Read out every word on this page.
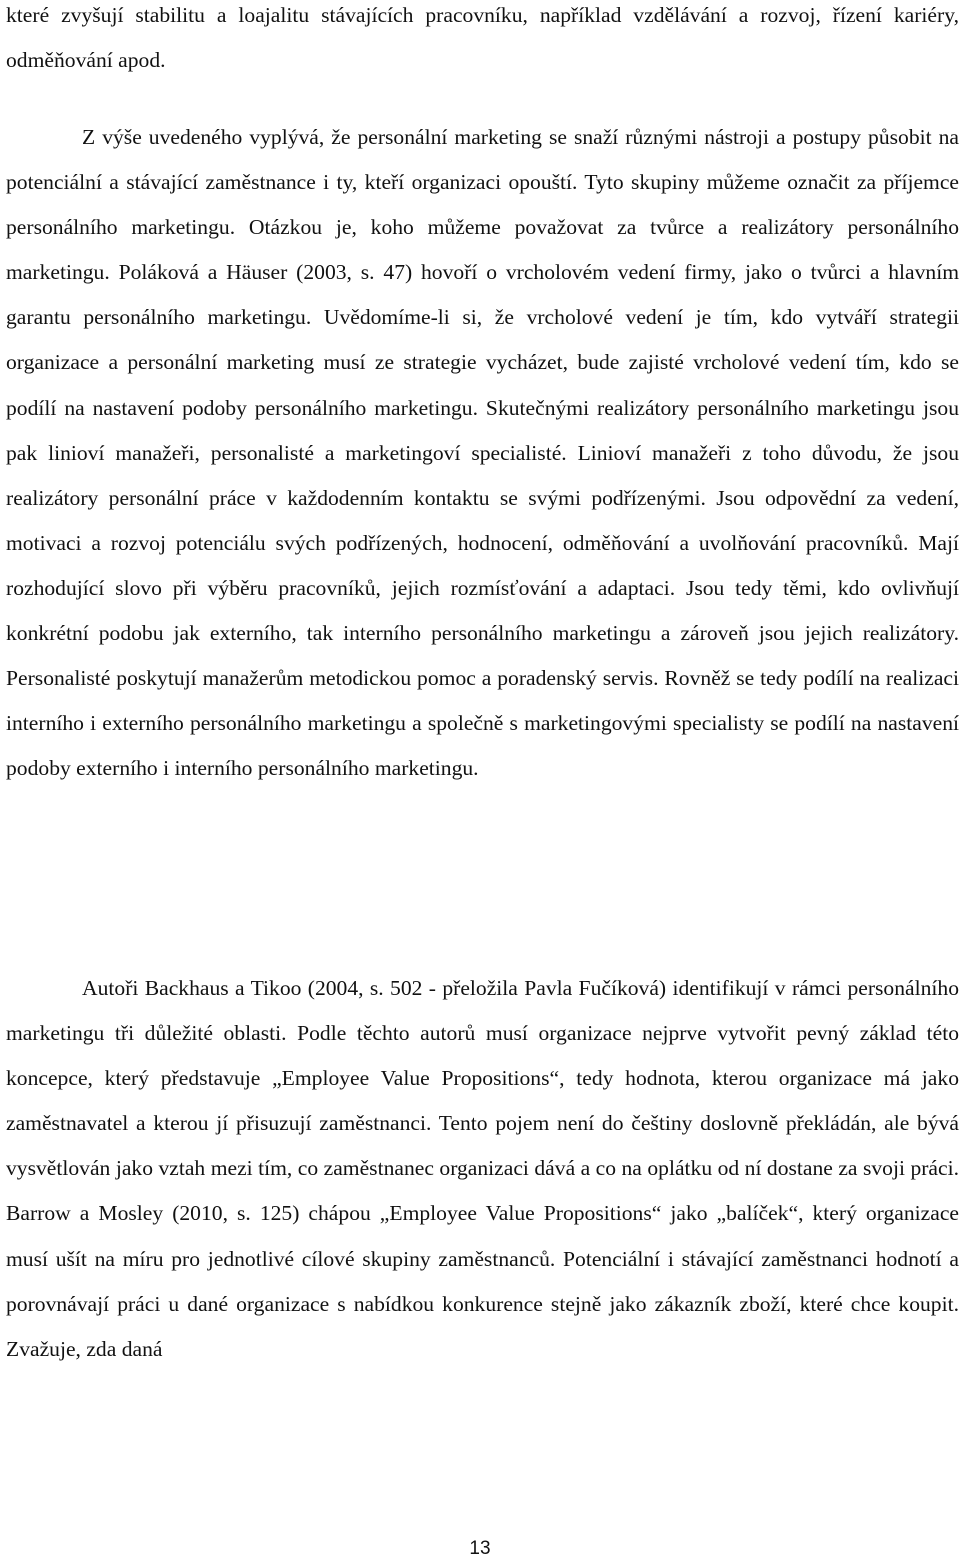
které zvyšují stabilitu a loajalitu stávajících pracovníku, například vzdělávání a rozvoj, řízení kariéry, odměňování apod.

Z výše uvedeného vyplývá, že personální marketing se snaží různými nástroji a postupy působit na potenciální a stávající zaměstnance i ty, kteří organizaci opouští. Tyto skupiny můžeme označit za příjemce personálního marketingu. Otázkou je, koho můžeme považovat za tvůrce a realizátory personálního marketingu. Poláková a Häuser (2003, s. 47) hovoří o vrcholovém vedení firmy, jako o tvůrci a hlavním garantu personálního marketingu. Uvědomíme-li si, že vrcholové vedení je tím, kdo vytváří strategii organizace a personální marketing musí ze strategie vycházet, bude zajisté vrcholové vedení tím, kdo se podílí na nastavení podoby personálního marketingu. Skutečnými realizátory personálního marketingu jsou pak linioví manažeři, personalisté a marketingoví specialisté. Linioví manažeři z toho důvodu, že jsou realizátory personální práce v každodenním kontaktu se svými podřízenými. Jsou odpovědní za vedení, motivaci a rozvoj potenciálu svých podřízených, hodnocení, odměňování a uvolňování pracovníků. Mají rozhodující slovo při výběru pracovníků, jejich rozmísťování a adaptaci. Jsou tedy těmi, kdo ovlivňují konkrétní podobu jak externího, tak interního personálního marketingu a zároveň jsou jejich realizátory. Personalisté poskytují manažerům metodickou pomoc a poradenský servis. Rovněž se tedy podílí na realizaci interního i externího personálního marketingu a společně s marketingovými specialisty se podílí na nastavení podoby externího i interního personálního marketingu.

Autoři Backhaus a Tikoo (2004, s. 502 - přeložila Pavla Fučíková) identifikují v rámci personálního marketingu tři důležité oblasti. Podle těchto autorů musí organizace nejprve vytvořit pevný základ této koncepce, který představuje „Employee Value Propositions“, tedy hodnota, kterou organizace má jako zaměstnavatel a kterou jí přisuzují zaměstnanci. Tento pojem není do češtiny doslovně překládán, ale bývá vysvětlován jako vztah mezi tím, co zaměstnanec organizaci dává a co na oplátku od ní dostane za svoji práci. Barrow a Mosley (2010, s. 125) chápou „Employee Value Propositions“ jako „balíček“, který organizace musí ušít na míru pro jednotlivé cílové skupiny zaměstnanců. Potenciální i stávající zaměstnanci hodnotí a porovnávají práci u dané organizace s nabídkou konkurence stejně jako zákazník zboží, které chce koupit. Zvažuje, zda daná

13
